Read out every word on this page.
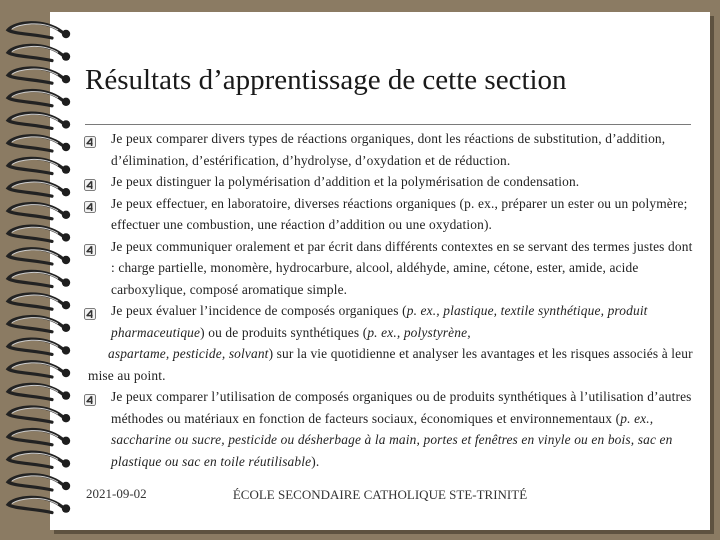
Résultats d’apprentissage de cette section
Je peux comparer divers types de réactions organiques, dont les réactions de substitution, d’addition, d’élimination, d’estérification, d’hydrolyse, d’oxydation et de réduction.
Je peux distinguer la polymérisation d’addition et la polymérisation de condensation.
Je peux effectuer, en laboratoire, diverses réactions organiques (p. ex., préparer un ester ou un polymère; effectuer une combustion, une réaction d’addition ou une oxydation).
Je peux communiquer oralement et par écrit dans différents contextes en se servant des termes justes dont : charge partielle, monomère, hydrocarbure, alcool, aldéhyde, amine, cétone, ester, amide, acide carboxylique, composé aromatique simple.
Je peux évaluer l’incidence de composés organiques (p. ex., plastique, textile synthétique, produit pharmaceutique) ou de produits synthétiques (p. ex., polystyrène,
aspartame, pesticide, solvant) sur la vie quotidienne et analyser les avantages et les risques associés à leur mise au point.
Je peux comparer l’utilisation de composés organiques ou de produits synthétiques à l’utilisation d’autres méthodes ou matériaux en fonction de facteurs sociaux, économiques et environnementaux (p. ex., saccharine ou sucre, pesticide ou désherbage à la main, portes et fenêtres en vinyle ou en bois, sac en plastique ou sac en toile réutilisable).
2021-09-02	ÉCOLE SECONDAIRE CATHOLIQUE STE-TRINITÉ
